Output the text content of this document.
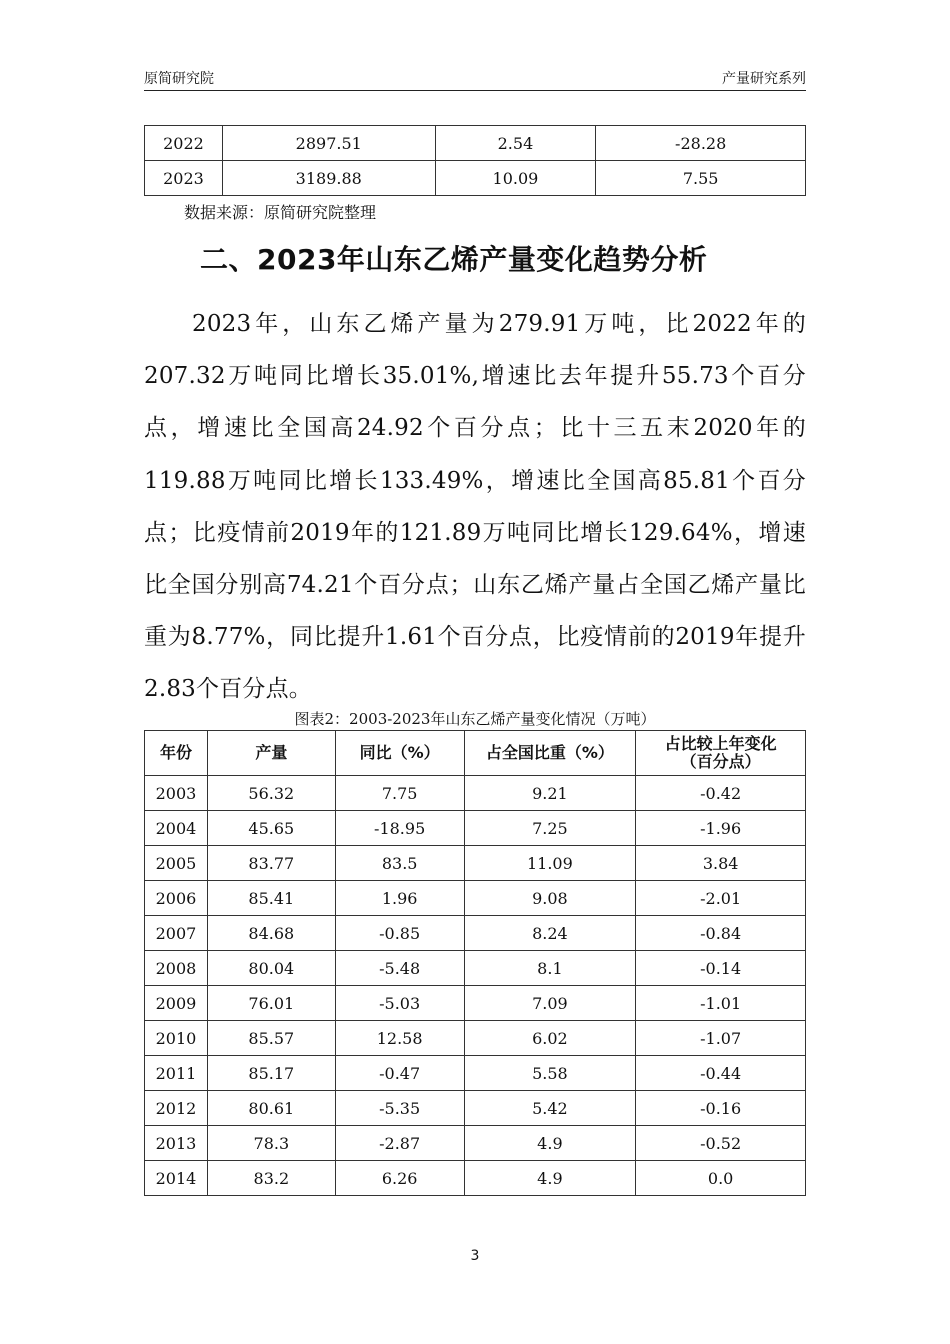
原简研究院	产量研究系列
2022	2897.51	2.54	-28.28
2023	3189.88	10.09	7.55
数据来源：原简研究院整理
二、2023年山东乙烯产量变化趋势分析
2023年，山东乙烯产量为279.91万吨，比2022年的207.32万吨同比增长35.01%,增速比去年提升55.73个百分点，增速比全国高24.92个百分点；比十三五末2020年的119.88万吨同比增长133.49%，增速比全国高85.81个百分点；比疫情前2019年的121.89万吨同比增长129.64%，增速比全国分别高74.21个百分点；山东乙烯产量占全国乙烯产量比重为8.77%，同比提升1.61个百分点，比疫情前的2019年提升2.83个百分点。
图表2：2003-2023年山东乙烯产量变化情况（万吨）
年份	产量	同比（%）	占全国比重（%）	占比较上年变化
（百分点）
2003	56.32	7.75	9.21	-0.42
2004	45.65	-18.95	7.25	-1.96
2005	83.77	83.5	11.09	3.84
2006	85.41	1.96	9.08	-2.01
2007	84.68	-0.85	8.24	-0.84
2008	80.04	-5.48	8.1	-0.14
2009	76.01	-5.03	7.09	-1.01
2010	85.57	12.58	6.02	-1.07
2011	85.17	-0.47	5.58	-0.44
2012	80.61	-5.35	5.42	-0.16
2013	78.3	-2.87	4.9	-0.52
2014	83.2	6.26	4.9	0.0
3
